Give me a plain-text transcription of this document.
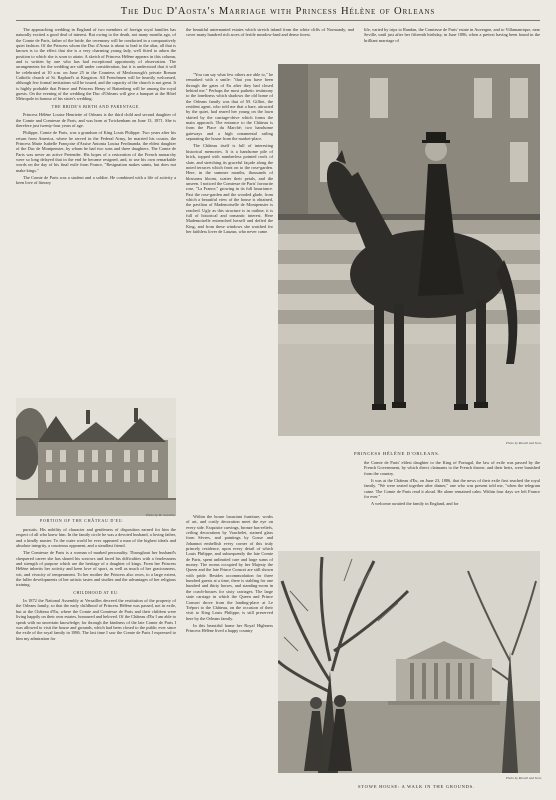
The Duc D'Aosta's Marriage with Princess Hélène of Orleans

The approaching wedding in England of two members of foreign royal families has naturally excited a good deal of interest. But owing to the death, not many months ago, of the Comte de Paris, father of the bride, the ceremony will be conducted in a comparatively quiet fashion. Of the Princess whom the Duc d'Aosta is about to lead to the altar, all that is known is to the effect that she is a very charming young lady, well fitted to adorn the position to which she is soon to attain. A sketch of Princess Hélène appears in this column, and is written by one who has had exceptional opportunity of observation. The arrangements for the wedding are still under consideration, but it is understood that it will be celebrated at 10 a.m. on June 25 in the Countess of Mexborough's private Roman Catholic church of St. Raphael's at Kingston. All Frenchmen will be heartily welcomed, although few formal invitations will be issued, and the capacity of the church is not great. It is highly probable that Prince and Princess Henry of Battenberg will be among the royal guests. On the evening of the wedding the Duc d'Orleans will give a banquet at the Hôtel Métropole in honour of his sister's wedding.

THE BRIDE'S BIRTH AND PARENTAGE.

Princess Hélène Louise Henriette of Orleans is the third child and second daughter of the Comte and Comtesse de Paris, and was born at Twickenham on June 13, 1871. She is therefore just twenty-four years of age.

Philippe, Comte de Paris, was a grandson of King Louis Philippe. Two years after his return from America, where he served in the Federal Army, he married his cousin, the Princess Marie Isabelle Françoise d'Assise Antonia Louisa Ferdinanda, the eldest daughter of the Duc de Montpensier, by whom he had two sons and three daughters. The Comte de Paris was never an active Pretender. His hopes of a restoration of the French monarchy were so long delayed that in the end he became resigned, and, to use his own remarkable words on the day of his final exile from France, "Resignation makes saints, but does not make kings."

The Comte de Paris was a student and a soldier. He combined with a life of activity a keen love of literary

PORTION OF THE CHÂTEAU D'EU.
Photo by M. Gosselin.

pursuits. His nobility of character and gentleness of disposition earned for him the respect of all who knew him. In the family circle he was a devoted husband, a loving father, and a kindly master. To the outer world he ever appeared a man of the highest ideals and absolute integrity, a courteous opponent, and a steadfast friend.

The Comtesse de Paris is a woman of marked personality. Throughout her husband's chequered career she has shared his sorrows and faced his difficulties with a fearlessness and strength of purpose which are the heritage of a daughter of kings. From her Princess Hélène inherits her activity and keen love of sport, as well as much of her graciousness, wit, and vivacity of temperament. To her mother the Princess also owes, to a large extent, the fuller developments of her artistic tastes and studies and the advantages of her religious training.

CHILDHOOD AT EU.

In 1872 the National Assembly at Versailles decreed the restitution of the property of the Orleans family, so that the early childhood of Princess Hélène was passed, not in exile, but at the Château d'Eu, where the Comte and Comtesse de Paris and their children were living happily on their own estates, honoured and beloved. Of the Château d'Eu I am able to speak with no uncertain knowledge; for through the kindness of the late Comte de Paris I was allowed to visit the house and grounds, which had been closed to the public ever since the exile of the royal family in 1886. The last time I saw the Comte de Paris I expressed to him my admiration for

the beautiful unternanted estates which stretch inland from the white cliffs of Normandy, and cover many hundred rich acres of fertile meadow-land and dense forest.

"You can say what few others are able to," he remarked with a smile: "that you have been through the gates of Eu after they had closed behind me." Perhaps the most pathetic testimony to the loneliness which shadows the old home of the Orleans family was that of M. Gilliot, the resident agent, who told me that a hare, attracted by the quiet, had reared her young on the lawn skirted by the carriage-drive which forms the main approach. The entrance to the Château is from the Place du Marché; two handsome gateways and a high ornamental railing separating the house from the market-place.

The Château itself is full of interesting historical memories. It is a handsome pile of brick, topped with numberless pointed roofs of slate, and stretching its graceful façade along the noted terraces which front on to the rose-garden. Here, in the summer months, thousands of blossoms bloom, scatter their petals, and die unseen. I noticed the Comtesse de Paris' favourite rose, "La France," growing in its full luxuriance. Past the rose-garden and the wooded glade, from which a beautiful view of the house is obtained, the pavilion of Mademoiselle de Montpensier is reached. Ugly as this structure is in outline, it is full of historical and romantic interest. Here Mademoiselle entrenched herself and defied the King, and from these windows she watched for her faithless lover de Lauzun, who never came.

Within the house luxuriant furniture, works of art, and costly decoration meet the eye on every side. Exquisite carvings, bronze bas-reliefs, ceiling decorations by Vauchelet, stained glass from Sèvres, and paintings by Gosse and Johannot embellish every corner of this truly princely residence, upon every detail of which Louis Philippe, and subsequently the late Comte de Paris, spent unlimited care and large sums of money. The rooms occupied by her Majesty the Queen and the late Prince Consort are still shown with pride. Besides accommodation for three hundred guests at a time, there is stabling for one hundred and thirty horses, and standing-room in the coach-houses for sixty carriages. The large state carriage in which the Queen and Prince Consort drove from the landing-place at Le Tréport to the Château, on the occasion of their visit to King Louis Philippe, is still preserved here by the Orleans family.

In this beautiful home her Royal Highness Princess Hélène lived a happy country

life, varied by trips to Randan, the Comtesse de Paris' estate in Auvergne, and to Villamanrique, near Seville, until just after her fifteenth birthday, in June 1886, when a pretext having been found in the brilliant marriage of

PRINCESS HÉLÈNE D'ORLEANS.
Photo by Russell and Sons.

the Comte de Paris' eldest daughter to the King of Portugal, the law of exile was passed by the French Government, by which direct claimants to the French throne, and their heirs, were banished from the country.

It was at the Château d'Eu, on June 23, 1886, that the news of their exile first reached the royal family. "We were seated together after dinner," one who was present told me, "when the telegram came. The Comte de Paris read it aloud. He alone remained calm. Within four days we left France for ever."

A welcome awaited the family in England, and for

STOWE HOUSE: A WALK IN THE GROUNDS.
Photo by Russell and Sons.
